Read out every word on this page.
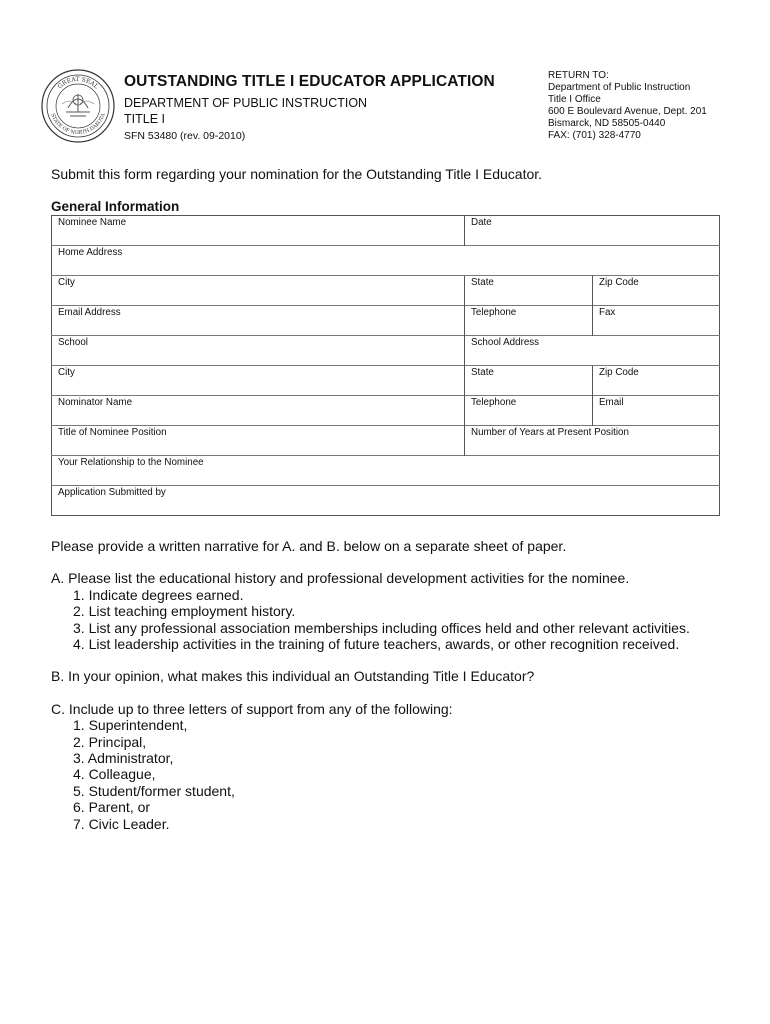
GREAT SEAL
STATE OF NORTH DAKOTA
OUTSTANDING TITLE I EDUCATOR APPLICATION
DEPARTMENT OF PUBLIC INSTRUCTION
TITLE I
SFN 53480 (rev. 09-2010)
RETURN TO:
Department of Public Instruction
Title I Office
600 E Boulevard Avenue, Dept. 201
Bismarck, ND 58505-0440
FAX: (701) 328-4770
Submit this form regarding your nomination for the Outstanding Title I Educator.
General Information
Nominee Name	Date	
Home Address		
City	State	Zip Code
Email Address	Telephone	Fax
School	School Address	
City	State	Zip Code
Nominator Name	Telephone	Email
Title of Nominee Position	Number of Years at Present Position	
Your Relationship to the Nominee		
Application Submitted by		

Please provide a written narrative for A. and B. below on a separate sheet of paper.

A. Please list the educational history and professional development activities for the nominee.

1. Indicate degrees earned.

2. List teaching employment history.

3. List any professional association memberships including offices held and other relevant activities.

4. List leadership activities in the training of future teachers, awards, or other recognition received.

B. In your opinion, what makes this individual an Outstanding Title I Educator?

C. Include up to three letters of support from any of the following:

1. Superintendent,

2. Principal,

3. Administrator,

4. Colleague,

5. Student/former student,

6. Parent, or

7. Civic Leader.
